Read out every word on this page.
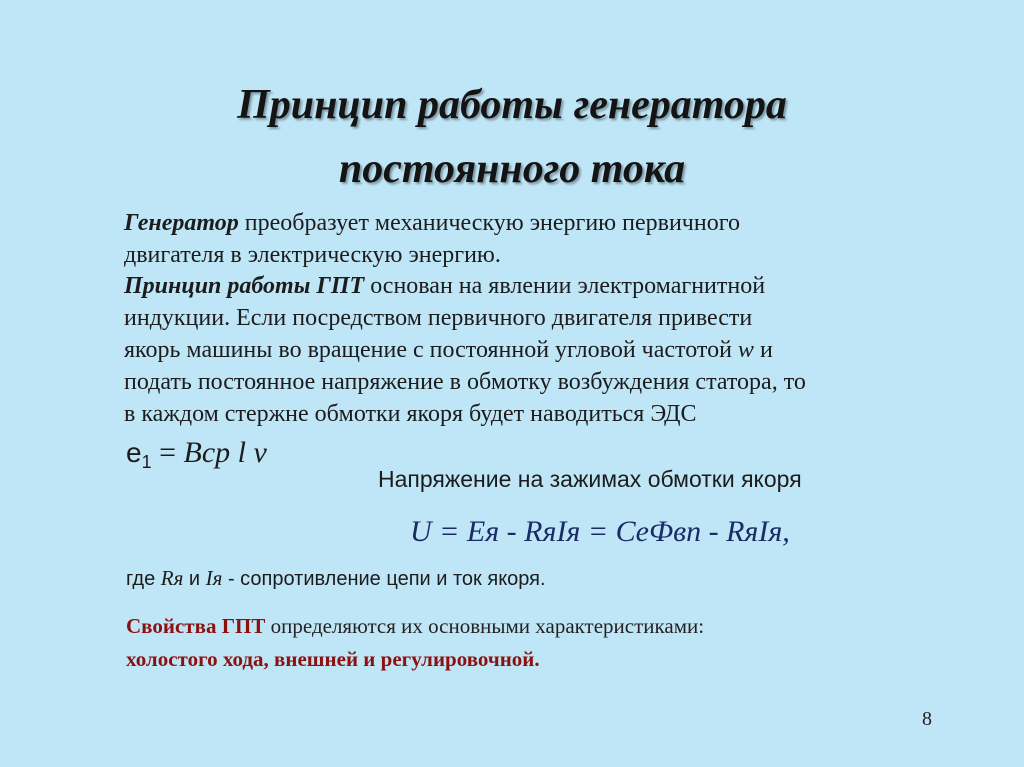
Принцип работы генератора
постоянного тока
Генератор преобразует механическую энергию первичного
двигателя в электрическую энергию.
Принцип работы ГПТ основан на явлении электромагнитной
индукции. Если посредством первичного двигателя привести
якорь машины во вращение с постоянной угловой частотой w и
подать постоянное напряжение в обмотку возбуждения статора, то
в каждом стержне обмотки якоря будет наводиться ЭДС
$e_1$ = Bср l v
Напряжение на зажимах обмотки якоря
U = Eя - RяIя = CeФвп - RяIя,
где Rя и Iя - сопротивление цепи и ток якоря.
Свойства ГПТ определяются их основными характеристиками:
холостого хода, внешней и регулировочной.
8
